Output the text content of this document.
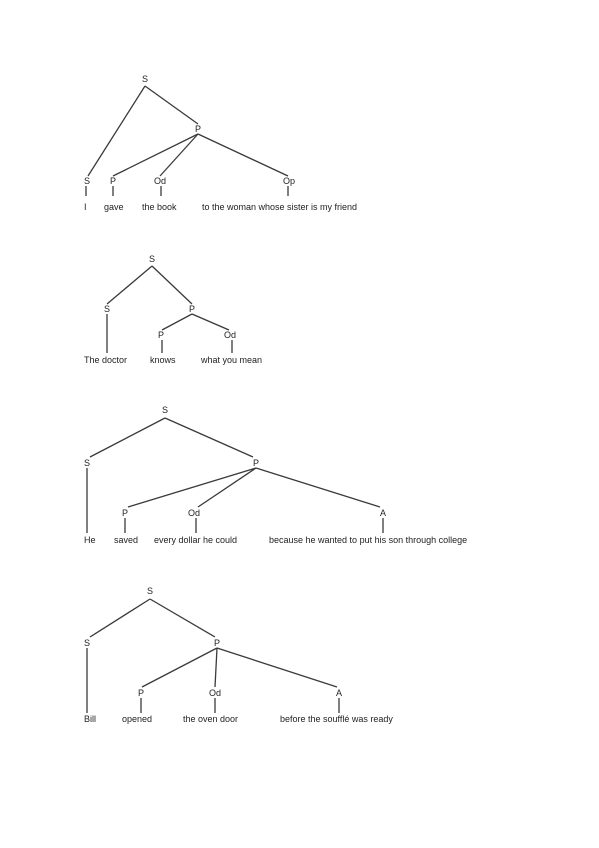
S
P
S P	Od	Op
I gave the book	to the woman whose sister is my friend
S
S	P
P	Od
The doctor	knows	what you mean
S
S	P
P	Od	A
He saved every dollar he could	because he wanted to put his son through college
S
S	P
P	Od	A
Bill	opened	the oven door	before the soufflé was ready
